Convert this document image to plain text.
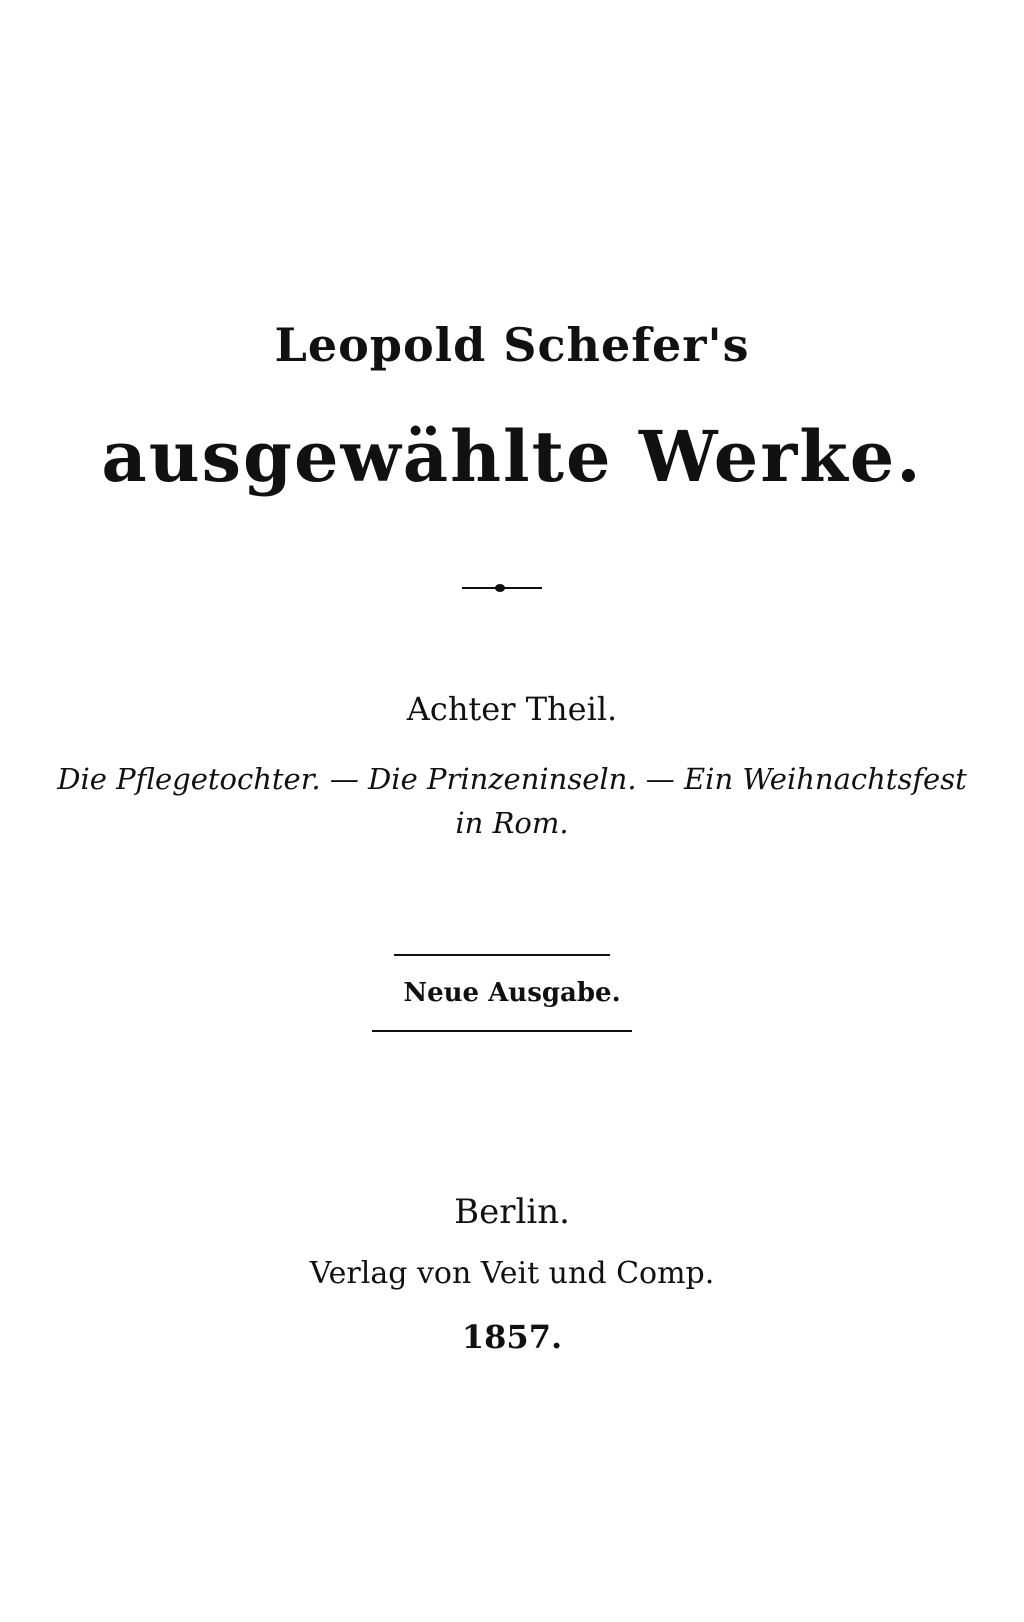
Leopold Schefer's
ausgewählte Werke.
Achter Theil.
Die Pflegetochter. — Die Prinzeninseln. — Ein Weihnachtsfest
in Rom.
Neue Ausgabe.
Berlin.
Verlag von Veit und Comp.
1857.
